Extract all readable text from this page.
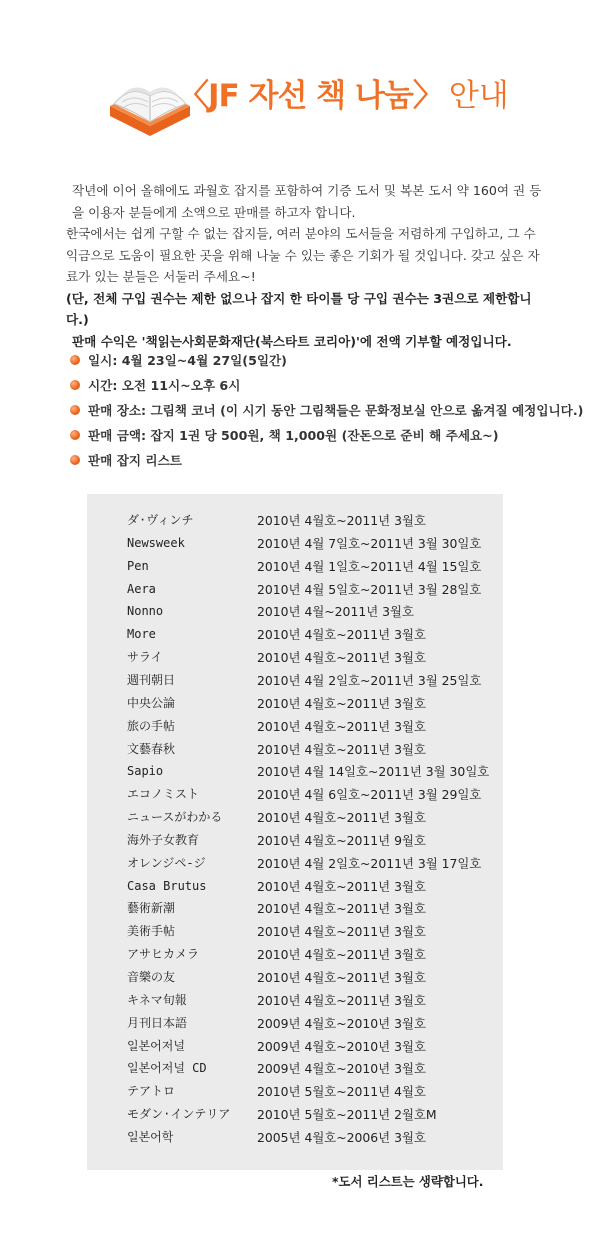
〈JF 자선 책 나눔〉 안내

작년에 이어 올해에도 과월호 잡지를 포함하여 기증 도서 및 복본 도서 약 160여 권 등을 이용자 분들에게 소액으로 판매를 하고자 합니다.

한국에서는 쉽게 구할 수 없는 잡지들, 여러 분야의 도서들을 저렴하게 구입하고, 그 수익금으로 도움이 필요한 곳을 위해 나눌 수 있는 좋은 기회가 될 것입니다. 갖고 싶은 자료가 있는 분들은 서둘러 주세요~!

(단, 전체 구입 권수는 제한 없으나 잡지 한 타이틀 당 구입 권수는 3권으로 제한합니다.)

판매 수익은 '책읽는사회문화재단(북스타트 코리아)'에 전액 기부할 예정입니다.

일시: 4월 23일~4월 27일(5일간)
시간: 오전 11시~오후 6시
판매 장소: 그림책 코너 (이 시기 동안 그림책들은 문화정보실 안으로 옮겨질 예정입니다.)
판매 금액: 잡지 1권 당 500원, 책 1,000원 (잔돈으로 준비 해 주세요~)
판매 잡지 리스트
ダ·ヴィンチ	2010년 4월호~2011년 3월호
Newsweek	2010년 4월 7일호~2011년 3월 30일호
Pen	2010년 4월 1일호~2011년 4월 15일호
Aera	2010년 4월 5일호~2011년 3월 28일호
Nonno	2010년 4월~2011년 3월호
More	2010년 4월호~2011년 3월호
サライ	2010년 4월호~2011년 3월호
週刊朝日	2010년 4월 2일호~2011년 3월 25일호
中央公論	2010년 4월호~2011년 3월호
旅の手帖	2010년 4월호~2011년 3월호
文藝春秋	2010년 4월호~2011년 3월호
Sapio	2010년 4월 14일호~2011년 3월 30일호
エコノミスト	2010년 4월 6일호~2011년 3월 29일호
ニュースがわかる	2010년 4월호~2011년 3월호
海外子女教育	2010년 4월호~2011년 9월호
オレンジペ-ジ	2010년 4월 2일호~2011년 3월 17일호
Casa Brutus	2010년 4월호~2011년 3월호
藝術新潮	2010년 4월호~2011년 3월호
美術手帖	2010년 4월호~2011년 3월호
アサヒカメラ	2010년 4월호~2011년 3월호
音樂の友	2010년 4월호~2011년 3월호
キネマ旬報	2010년 4월호~2011년 3월호
月刊日本語	2009년 4월호~2010년 3월호
일본어저널	2009년 4월호~2010년 3월호
일본어저널 CD	2009년 4월호~2010년 3월호
テアトロ	2010년 5월호~2011년 4월호
モダン·インテリア 2010년 5월호~2011년 2월호M
일본어학	2005년 4월호~2006년 3월호
*도서 리스트는 생략합니다.
